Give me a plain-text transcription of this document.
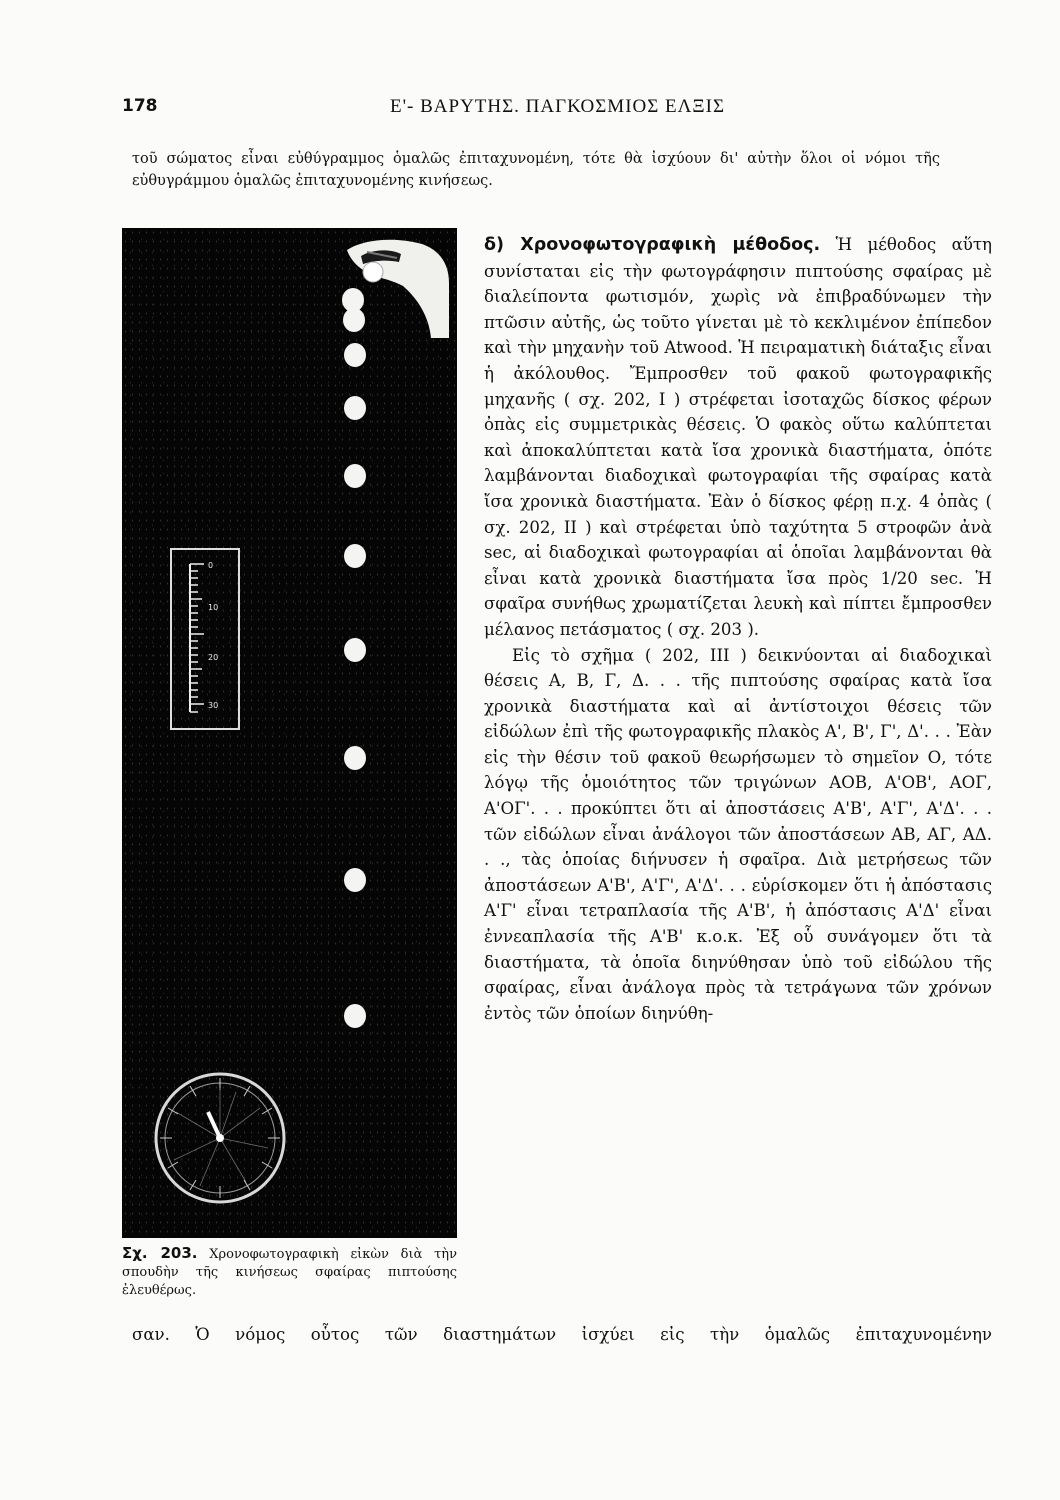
178	Ε'- ΒΑΡΥΤΗΣ. ΠΑΓΚΟΣΜΙΟΣ ΕΛΞΙΣ

τοῦ σώματος εἶναι εὐθύγραμμος ὁμαλῶς ἐπιταχυνομένη, τότε θὰ ἰσχύουν δι' αὐτὴν ὅλοι οἱ νόμοι τῆς εὐθυγράμμου ὁμαλῶς ἐπιταχυνομένης κινήσεως.

0
10
20
30
Σχ. 203. Χρονοφωτογραφικὴ εἰκὼν διὰ τὴν σπουδὴν τῆς κινήσεως σφαίρας πιπτούσης ἐλευθέρως.

δ) Χρονοφωτογραφικὴ μέθοδος. Ἡ μέθοδος αὕτη συνίσταται εἰς τὴν φωτογράφησιν πιπτούσης σφαίρας μὲ διαλείποντα φωτισμόν, χωρὶς νὰ ἐπιβραδύνωμεν τὴν πτῶσιν αὐτῆς, ὡς τοῦτο γίνεται μὲ τὸ κεκλιμένον ἐπίπεδον καὶ τὴν μηχανὴν τοῦ Atwood. Ἡ πειραματικὴ διάταξις εἶναι ἡ ἀκόλουθος. Ἔμπροσθεν τοῦ φακοῦ φωτογραφικῆς μηχανῆς ( σχ. 202, I ) στρέφεται ἰσοταχῶς δίσκος φέρων ὀπὰς εἰς συμμετρικὰς θέσεις. Ὁ φακὸς οὕτω καλύπτεται καὶ ἀποκαλύπτεται κατὰ ἴσα χρονικὰ διαστήματα, ὁπότε λαμβάνονται διαδοχικαὶ φωτογραφίαι τῆς σφαίρας κατὰ ἴσα χρονικὰ διαστήματα. Ἐὰν ὁ δίσκος φέρῃ π.χ. 4 ὀπὰς ( σχ. 202, II ) καὶ στρέφεται ὑπὸ ταχύτητα 5 στροφῶν ἀνὰ sec, αἱ διαδοχικαὶ φωτογραφίαι αἱ ὁποῖαι λαμβάνονται θὰ εἶναι κατὰ χρονικὰ διαστήματα ἴσα πρὸς 1/20 sec. Ἡ σφαῖρα συνήθως χρωματίζεται λευκὴ καὶ πίπτει ἔμπροσθεν μέλανος πετάσματος ( σχ. 203 ).

Εἰς τὸ σχῆμα ( 202, III ) δεικνύονται αἱ διαδοχικαὶ θέσεις Α, Β, Γ, Δ. . . τῆς πιπτούσης σφαίρας κατὰ ἴσα χρονικὰ διαστήματα καὶ αἱ ἀντίστοιχοι θέσεις τῶν εἰδώλων ἐπὶ τῆς φωτογραφικῆς πλακὸς Α', Β', Γ', Δ'. . . Ἐὰν εἰς τὴν θέσιν τοῦ φακοῦ θεωρήσωμεν τὸ σημεῖον Ο, τότε λόγῳ τῆς ὁμοιότητος τῶν τριγώνων ΑΟΒ, Α'ΟΒ', ΑΟΓ, Α'ΟΓ'. . . προκύπτει ὅτι αἱ ἀποστάσεις Α'Β', Α'Γ', Α'Δ'. . . τῶν εἰδώλων εἶναι ἀνάλογοι τῶν ἀποστάσεων ΑΒ, ΑΓ, ΑΔ. . ., τὰς ὁποίας διήνυσεν ἡ σφαῖρα. Διὰ μετρήσεως τῶν ἀποστάσεων Α'Β', Α'Γ', Α'Δ'. . . εὑρίσκομεν ὅτι ἡ ἀπόστασις Α'Γ' εἶναι τετραπλασία τῆς Α'Β', ἡ ἀπόστασις Α'Δ' εἶναι ἐννεαπλασία τῆς Α'Β' κ.ο.κ. Ἐξ οὗ συνάγομεν ὅτι τὰ διαστήματα, τὰ ὁποῖα διηνύθησαν ὑπὸ τοῦ εἰδώλου τῆς σφαίρας, εἶναι ἀνάλογα πρὸς τὰ τετράγωνα τῶν χρόνων ἐντὸς τῶν ὁποίων διηνύθη-

σαν. Ὁ νόμος οὗτος τῶν διαστημάτων ἰσχύει εἰς τὴν ὁμαλῶς ἐπιταχυνομένην
